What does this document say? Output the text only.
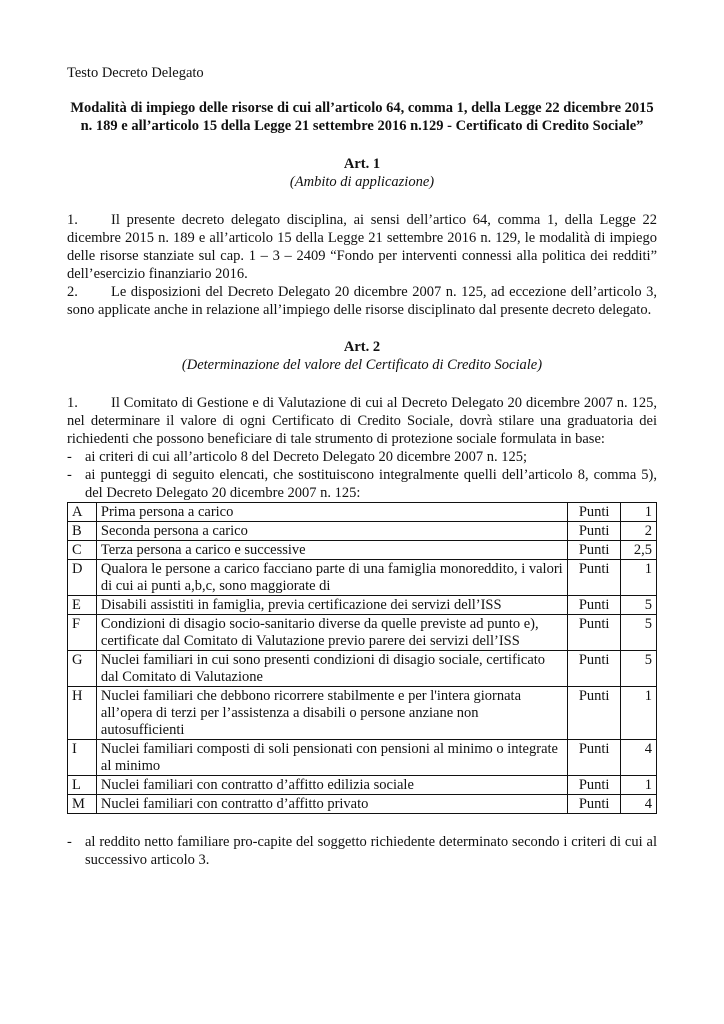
Testo Decreto Delegato
Modalità di impiego delle risorse di cui all’articolo 64, comma 1, della Legge 22 dicembre 2015 n. 189 e all’articolo 15 della Legge 21 settembre 2016 n.129 - Certificato di Credito Sociale”
Art. 1
(Ambito di applicazione)
1. Il presente decreto delegato disciplina, ai sensi dell’artico 64, comma 1, della Legge 22 dicembre 2015 n. 189 e all’articolo 15 della Legge 21 settembre 2016 n. 129, le modalità di impiego delle risorse stanziate sul cap. 1 – 3 – 2409 “Fondo per interventi connessi alla politica dei redditi” dell’esercizio finanziario 2016.
2. Le disposizioni del Decreto Delegato 20 dicembre 2007 n. 125, ad eccezione dell’articolo 3, sono applicate anche in relazione all’impiego delle risorse disciplinato dal presente decreto delegato.
Art. 2
(Determinazione del valore del Certificato di Credito Sociale)
1. Il Comitato di Gestione e di Valutazione di cui al Decreto Delegato 20 dicembre 2007 n. 125, nel determinare il valore di ogni Certificato di Credito Sociale, dovrà stilare una graduatoria dei richiedenti che possono beneficiare di tale strumento di protezione sociale formulata in base:
- ai criteri di cui all’articolo 8 del Decreto Delegato 20 dicembre 2007 n. 125;
- ai punteggi di seguito elencati, che sostituiscono integralmente quelli dell’articolo 8, comma 5), del Decreto Delegato 20 dicembre 2007 n. 125:
A	Prima persona a carico	Punti	1
B	Seconda persona a carico	Punti	2
C	Terza persona a carico e successive	Punti	2,5
D	Qualora le persone a carico facciano parte di una famiglia monoreddito, i valori di cui ai punti a,b,c, sono maggiorate di	Punti	1
E	Disabili assistiti in famiglia, previa certificazione dei servizi dell’ISS	Punti	5
F	Condizioni di disagio socio-sanitario diverse da quelle previste ad punto e), certificate dal Comitato di Valutazione previo parere dei servizi dell’ISS	Punti	5
G	Nuclei familiari in cui sono presenti condizioni di disagio sociale, certificato dal Comitato di Valutazione	Punti	5
H	Nuclei familiari che debbono ricorrere stabilmente e per l'intera giornata all’opera di terzi per l’assistenza a disabili o persone anziane non autosufficienti	Punti	1
I	Nuclei familiari composti di soli pensionati con pensioni al minimo o integrate al minimo	Punti	4
L	Nuclei familiari con contratto d’affitto edilizia sociale	Punti	1
M	Nuclei familiari con contratto d’affitto privato	Punti	4
- al reddito netto familiare pro-capite del soggetto richiedente determinato secondo i criteri di cui al successivo articolo 3.
